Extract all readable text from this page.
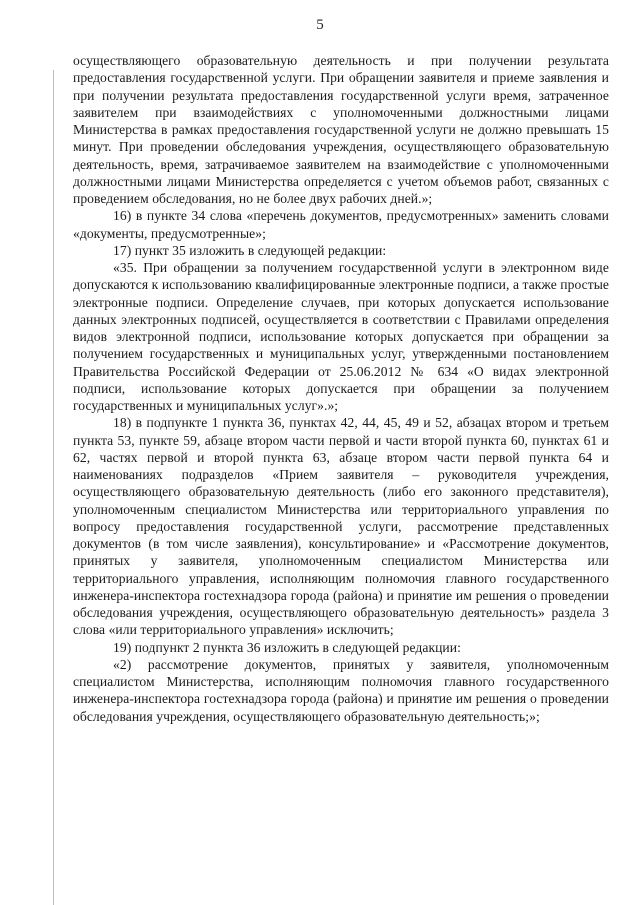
5

осуществляющего образовательную деятельность и при получении результата предоставления государственной услуги. При обращении заявителя и приеме заявления и при получении результата предоставления государственной услуги время, затраченное заявителем при взаимодействиях с уполномоченными должностными лицами Министерства в рамках предоставления государственной услуги не должно превышать 15 минут. При проведении обследования учреждения, осуществляющего образовательную деятельность, время, затрачиваемое заявителем на взаимодействие с уполномоченными должностными лицами Министерства определяется с учетом объемов работ, связанных с проведением обследования, но не более двух рабочих дней.»;

16) в пункте 34 слова «перечень документов, предусмотренных» заменить словами «документы, предусмотренные»;

17) пункт 35 изложить в следующей редакции:

«35. При обращении за получением государственной услуги в электронном виде допускаются к использованию квалифицированные электронные подписи, а также простые электронные подписи. Определение случаев, при которых допускается использование данных электронных подписей, осуществляется в соответствии с Правилами определения видов электронной подписи, использование которых допускается при обращении за получением государственных и муниципальных услуг, утвержденными постановлением Правительства Российской Федерации от 25.06.2012 № 634 «О видах электронной подписи, использование которых допускается при обращении за получением государственных и муниципальных услуг».»;

18) в подпункте 1 пункта 36, пунктах 42, 44, 45, 49 и 52, абзацах втором и третьем пункта 53, пункте 59, абзаце втором части первой и части второй пункта 60, пунктах 61 и 62, частях первой и второй пункта 63, абзаце втором части первой пункта 64 и наименованиях подразделов «Прием заявителя – руководителя учреждения, осуществляющего образовательную деятельность (либо его законного представителя), уполномоченным специалистом Министерства или территориального управления по вопросу предоставления государственной услуги, рассмотрение представленных документов (в том числе заявления), консультирование» и «Рассмотрение документов, принятых у заявителя, уполномоченным специалистом Министерства или территориального управления, исполняющим полномочия главного государственного инженера-инспектора гостехнадзора города (района) и принятие им решения о проведении обследования учреждения, осуществляющего образовательную деятельность» раздела 3 слова «или территориального управления» исключить;

19) подпункт 2 пункта 36 изложить в следующей редакции:

«2) рассмотрение документов, принятых у заявителя, уполномоченным специалистом Министерства, исполняющим полномочия главного государственного инженера-инспектора гостехнадзора города (района) и принятие им решения о проведении обследования учреждения, осуществляющего образовательную деятельность;»;
